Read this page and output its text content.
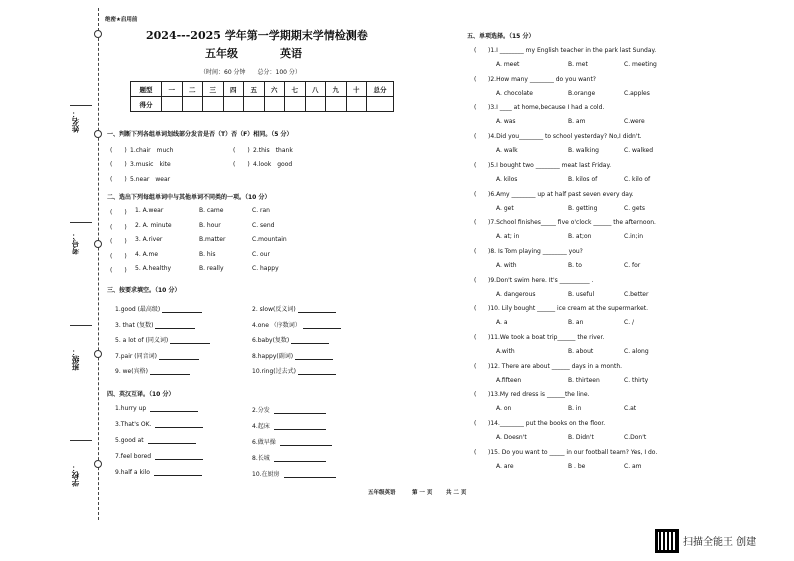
绝密★启用前
姓名：
考号：
班级：
学校：
2024---2025 学年第一学期期末学情检测卷
五年级	英语
（时间：60 分钟　　总分：100 分）
题型	一	二	三	四	五	六	七	八	九	十	总分
得分											
一、判断下列各组单词划线部分发音是否（T）否（F）相同。（5 分）
(　　) 1.chair　 much	(　　) 2.this　 thank
(　　) 3.music　 kite	(　　) 4.look　 good
(　　) 5.near　 wear
二、选出下列每组单词中与其他单词不同类的一项。（10 分）
(　　) 1. A.wear	B. came	C. ran
(　　) 2. A. minute	B. hour	C. send
(　　) 3. A.river	B.matter	C.mountain
(　　) 4. A.me	B. his	C. our
(　　) 5. A.healthy	B. really	C. happy
三、按要求填空。（10 分）
1.good (最高级)	2. slow(反义词)
3. that (复数)	4.one （序数词）
5. a lot of (同义词)	6.baby(复数)
7.pair (同音词)	8.happy(副词)
9. we(宾格)	10.ring(过去式)
四、英汉互译。（10 分）
1.hurry up	2.分发
3.That's OK.	4.起床
5.good at	6.做早操
7.feel bored	8.长城
9.half a kilo	10.在厨房
五、单项选择。（15 分）
( )1.I ________ my English teacher in the park last Sunday.
A. meet	B. met	C. meeting
( )2.How many ________ do you want?
A. chocolate	B.orange	C.apples
( )3.I ____ at home,because I had a cold.
A. was	B. am	C.were
( )4.Did you________ to school yesterday? No,I didn't.
A. walk	B. walking	C. walked
( )5.I bought two ________ meat last Friday.
A. kilos	B. kilos of	C. kilo of
( )6.Amy ________ up at half past seven every day.
A. get	B. getting	C. gets
( )7.School finishes_____ five o'clock ______ the afternoon.
A. at; in	B. at;on	C.in;in
( )8. Is Tom playing ________ you?
A. with	B. to	C. for
( )9.Don't swim here. It's __________ .
A. dangerous	B. useful	C.better
( )10. Lily bought ______ ice cream at the supermarket.
A. a	B. an	C. /
( )11.We took a boat trip______ the river.
A.with	B. about	C. along
( )12. There are about ______ days in a month.
A.fifteen	B. thirteen	C. thirty
( )13.My red dress is ______the line.
A. on	B. in	C.at
( )14.________ put the books on the floor.
A. Doesn't	B. Didn't	C.Don't
( )15. Do you want to _____ in our football team? Yes, I do.
A. are	B . be	C. am
五年级英语	第 一 页 共 二 页
扫描全能王 创建
